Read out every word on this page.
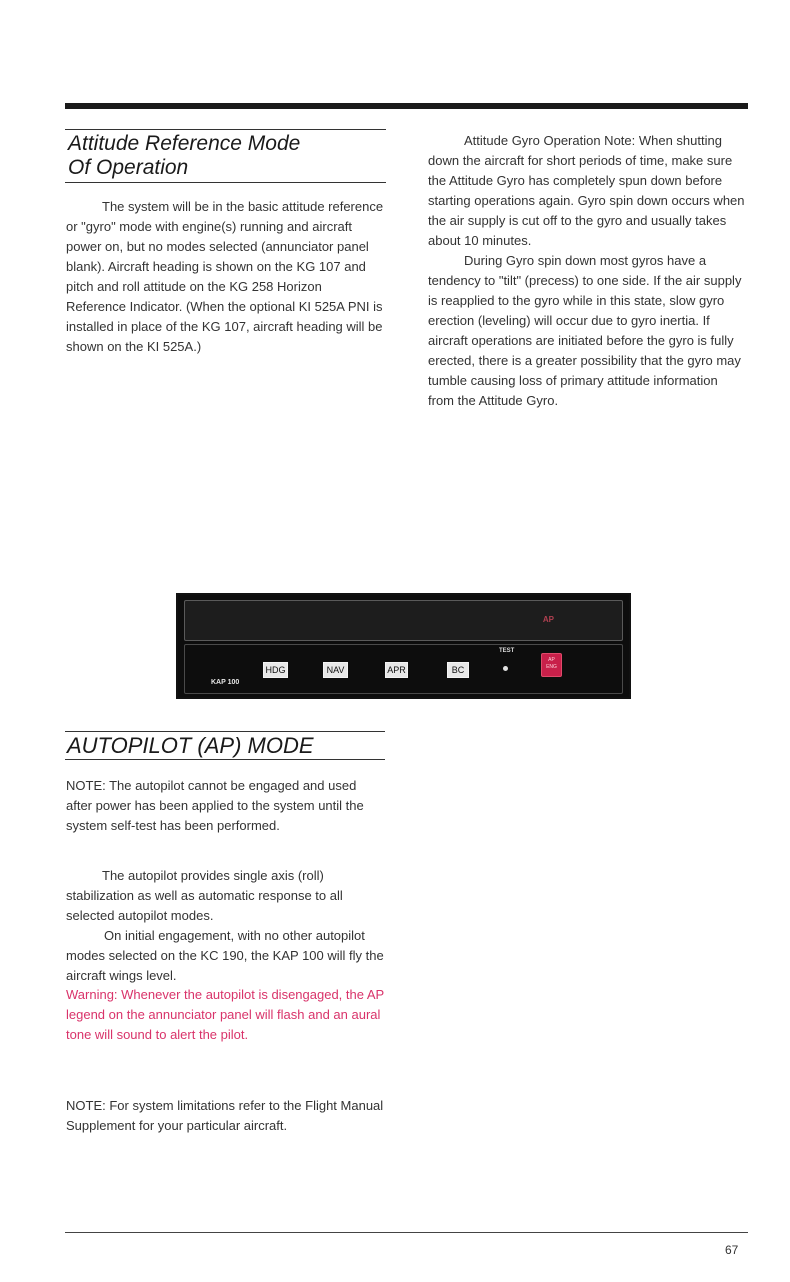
Attitude Reference Mode
Of Operation

The system will be in the basic attitude reference or "gyro" mode with engine(s) running and aircraft power on, but no modes selected (annunciator panel blank). Aircraft heading is shown on the KG 107 and pitch and roll attitude on the KG 258 Horizon Reference Indicator. (When the optional KI 525A PNI is installed in place of the KG 107, aircraft heading will be shown on the KI 525A.)

Attitude Gyro Operation Note: When shutting down the aircraft for short periods of time, make sure the Attitude Gyro has completely spun down before starting operations again. Gyro spin down occurs when the air supply is cut off to the gyro and usually takes about 10 minutes.

During Gyro spin down most gyros have a tendency to "tilt" (precess) to one side. If the air supply is reapplied to the gyro while in this state, slow gyro erection (leveling) will occur due to gyro inertia. If aircraft operations are initiated before the gyro is fully erected, there is a greater possibility that the gyro may tumble causing loss of primary attitude information from the Attitude Gyro.

AP
HDG	NAV	APR	BC
TEST
AP
ENG
KAP 100
AUTOPILOT (AP) MODE

NOTE: The autopilot cannot be engaged and used after power has been applied to the system until the system self-test has been performed.

The autopilot provides single axis (roll) stabilization as well as automatic response to all selected autopilot modes.

On initial engagement, with no other autopilot modes selected on the KC 190, the KAP 100 will fly the aircraft wings level.

Warning: Whenever the autopilot is disengaged, the AP legend on the annunciator panel will flash and an aural tone will sound to alert the pilot.

NOTE: For system limitations refer to the Flight Manual Supplement for your particular aircraft.

67
